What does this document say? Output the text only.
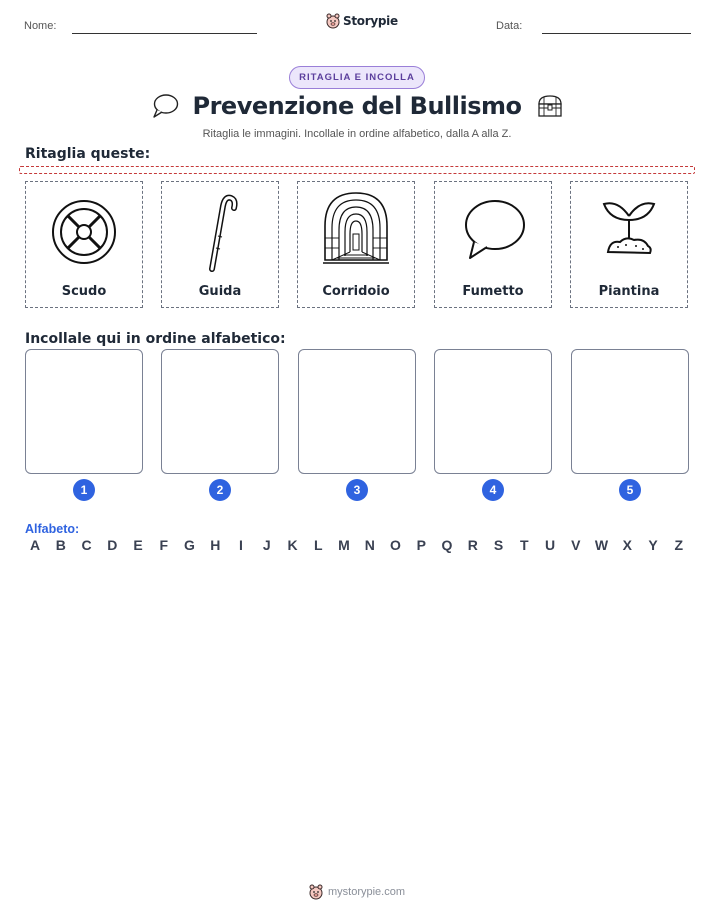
Nome:	Storypie	Data:
RITAGLIA E INCOLLA
Prevenzione del Bullismo
Ritaglia le immagini. Incollale in ordine alfabetico, dalla A alla Z.
Ritaglia queste:
Scudo	Guida	Corridoio	Fumetto	Piantina
Incollale qui in ordine alfabetico:
1	2	3	4	5
Alfabeto:
A	B	C	D	E	F	G	H	I	J	K	L	M	N	O	P	Q	R	S	T	U	V	W	X	Y	Z
mystorypie.com
